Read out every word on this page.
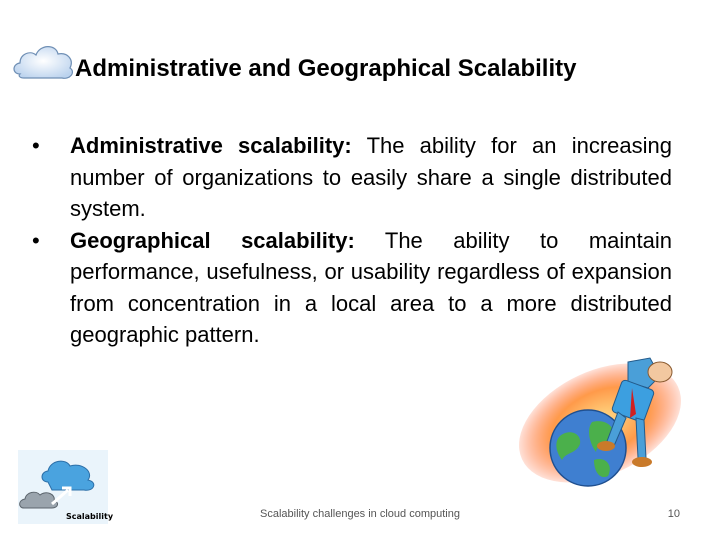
Administrative and Geographical Scalability
• Administrative scalability: The ability for an increasing number of organizations to easily share a single distributed system.
• Geographical scalability: The ability to maintain performance, usefulness, or usability regardless of expansion from concentration in a local area to a more distributed geographic pattern.
Scalability	Scalability challenges in cloud computing	10
